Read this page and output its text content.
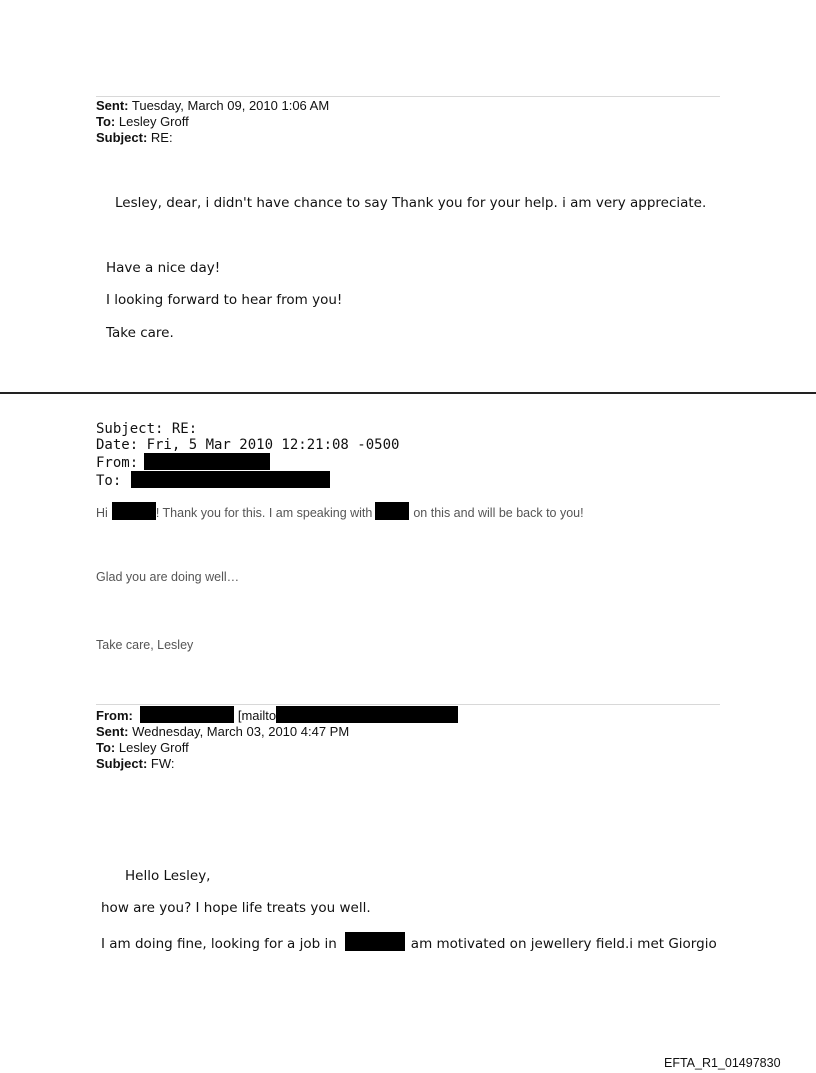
Sent: Tuesday, March 09, 2010 1:06 AM
To: Lesley Groff
Subject: RE:
Lesley, dear, i didn't have chance to say Thank you for your help. i am very appreciate.
Have a nice day!
I looking forward to hear from you!
Take care.
Subject: RE:
Date: Fri, 5 Mar 2010 12:21:08 -0500
From:
To:
Hi	! Thank you for this. I am speaking with	on this and will be back to you!
Glad you are doing well…
Take care, Lesley
From:	[mailto
Sent: Wednesday, March 03, 2010 4:47 PM
To: Lesley Groff
Subject: FW:
Hello Lesley,
how are you? I hope life treats you well.
I am doing fine, looking for a job in	am motivated on jewellery field.i met Giorgio
EFTA_R1_01497830
